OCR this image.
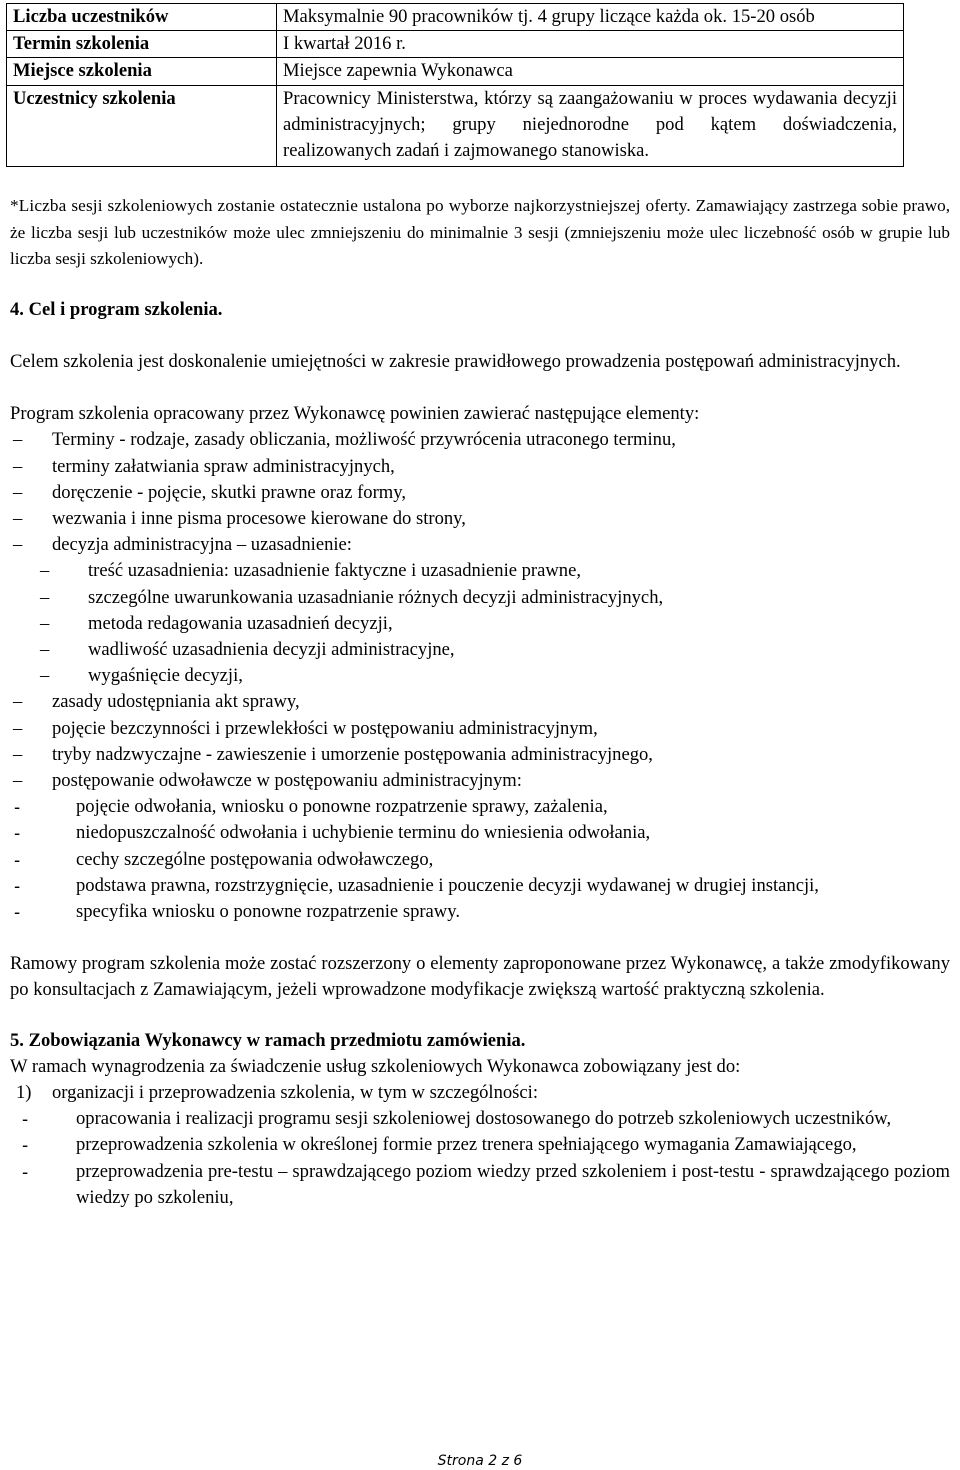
Liczba uczestników	Maksymalnie 90 pracowników tj. 4 grupy liczące każda ok. 15-20 osób
Termin szkolenia	I kwartał 2016 r.
Miejsce szkolenia	Miejsce zapewnia Wykonawca
Uczestnicy szkolenia	Pracownicy Ministerstwa, którzy są zaangażowaniu w proces wydawania decyzji administracyjnych; grupy niejednorodne pod kątem doświadczenia, realizowanych zadań i zajmowanego stanowiska.

*Liczba sesji szkoleniowych zostanie ostatecznie ustalona po wyborze najkorzystniejszej oferty. Zamawiający zastrzega sobie prawo, że liczba sesji lub uczestników może ulec zmniejszeniu do minimalnie 3 sesji (zmniejszeniu może ulec liczebność osób w grupie lub liczba sesji szkoleniowych).

4. Cel i program szkolenia.

Celem szkolenia jest doskonalenie umiejętności w zakresie prawidłowego prowadzenia postępowań administracyjnych.

Program szkolenia opracowany przez Wykonawcę powinien zawierać następujące elementy:

– Terminy - rodzaje, zasady obliczania, możliwość przywrócenia utraconego terminu,
– terminy załatwiania spraw administracyjnych,
– doręczenie - pojęcie, skutki prawne oraz formy,
– wezwania i inne pisma procesowe kierowane do strony,
– decyzja administracyjna – uzasadnienie:
– treść uzasadnienia: uzasadnienie faktyczne i uzasadnienie prawne,
– szczególne uwarunkowania uzasadnianie różnych decyzji administracyjnych,
– metoda redagowania uzasadnień decyzji,
– wadliwość uzasadnienia decyzji administracyjne,
– wygaśnięcie decyzji,
– zasady udostępniania akt sprawy,
– pojęcie bezczynności i przewlekłości w postępowaniu administracyjnym,
– tryby nadzwyczajne - zawieszenie i umorzenie postępowania administracyjnego,
– postępowanie odwoławcze w postępowaniu administracyjnym:
- pojęcie odwołania, wniosku o ponowne rozpatrzenie sprawy, zażalenia,
- niedopuszczalność odwołania i uchybienie terminu do wniesienia odwołania,
- cechy szczególne postępowania odwoławczego,
- podstawa prawna, rozstrzygnięcie, uzasadnienie i pouczenie decyzji wydawanej w drugiej instancji,
- specyfika wniosku o ponowne rozpatrzenie sprawy.

Ramowy program szkolenia może zostać rozszerzony o elementy zaproponowane przez Wykonawcę, a także zmodyfikowany po konsultacjach z Zamawiającym, jeżeli wprowadzone modyfikacje zwiększą wartość praktyczną szkolenia.

5. Zobowiązania Wykonawcy w ramach przedmiotu zamówienia.

W ramach wynagrodzenia za świadczenie usług szkoleniowych Wykonawca zobowiązany jest do:

1) organizacji i przeprowadzenia szkolenia, w tym w szczególności:
- opracowania i realizacji programu sesji szkoleniowej dostosowanego do potrzeb szkoleniowych uczestników,
- przeprowadzenia szkolenia w określonej formie przez trenera spełniającego wymagania Zamawiającego,
- przeprowadzenia pre-testu – sprawdzającego poziom wiedzy przed szkoleniem i post-testu - sprawdzającego poziom wiedzy po szkoleniu,
Strona 2 z 6
